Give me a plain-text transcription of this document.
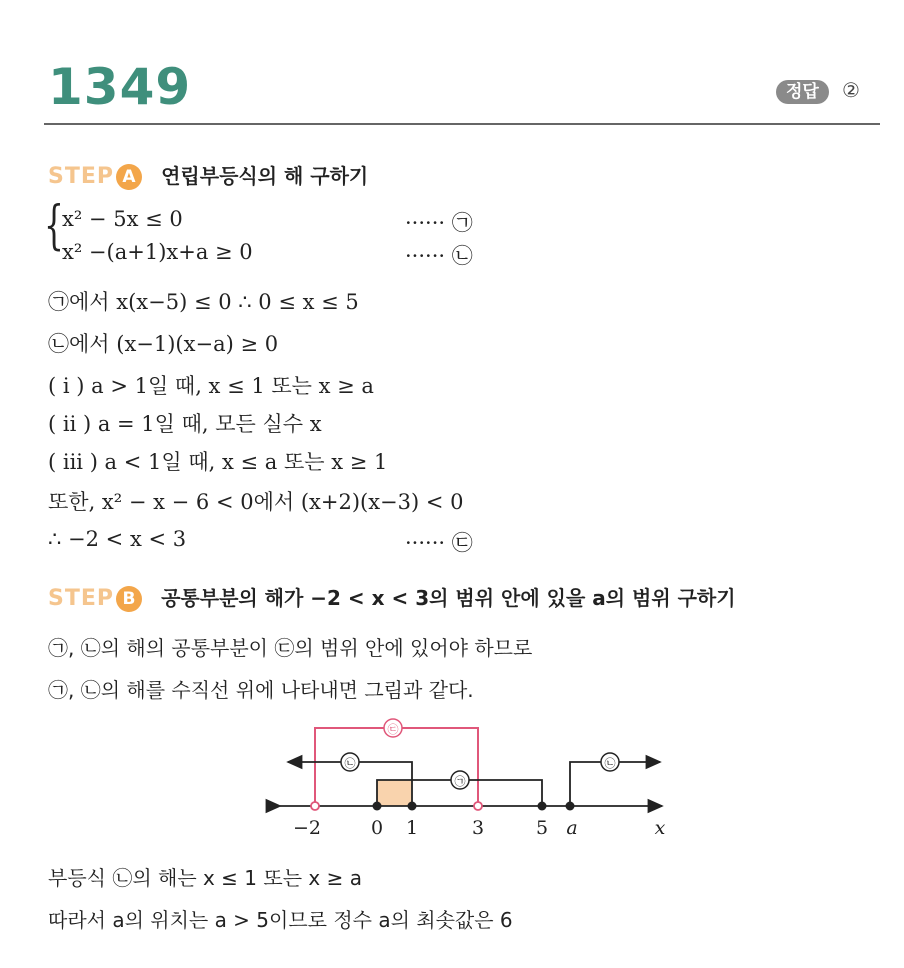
1349	정답 ②
STEP A 연립부등식의 해 구하기
{
x² − 5x ≤ 0	······ ㉠
x² −(a+1)x+a ≥ 0	······ ㉡
㉠에서 x(x−5) ≤ 0 ∴ 0 ≤ x ≤ 5
㉡에서 (x−1)(x−a) ≥ 0
( i ) a > 1일 때, x ≤ 1 또는 x ≥ a
( ii ) a = 1일 때, 모든 실수 x
( iii ) a < 1일 때, x ≤ a 또는 x ≥ 1
또한, x² − x − 6 < 0에서 (x+2)(x−3) < 0
∴ −2 < x < 3	······ ㉢
STEP B 공통부분의 해가 −2 < x < 3의 범위 안에 있을 a의 범위 구하기
㉠, ㉡의 해의 공통부분이 ㉢의 범위 안에 있어야 하므로
㉠, ㉡의 해를 수직선 위에 나타내면 그림과 같다.
㉢
㉡
㉠
㉡
−2	0 1	3	5 a	x
부등식 ㉡의 해는 x ≤ 1 또는 x ≥ a
따라서 a의 위치는 a > 5이므로 정수 a의 최솟값은 6
